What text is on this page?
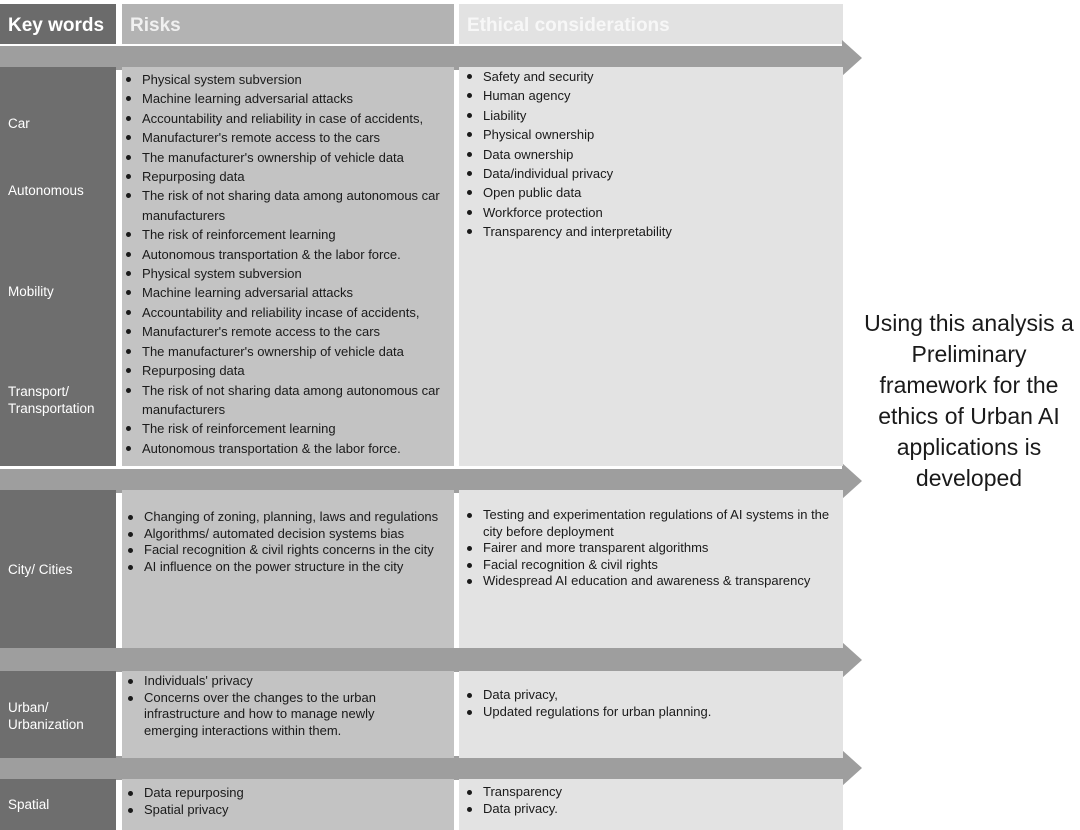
Key words	Risks	Ethical considerations
Car
Autonomous
Mobility
Transport/
Transportation
Physical system subversion
Machine learning adversarial attacks
Accountability and reliability in case of accidents,
Manufacturer's remote access to the cars
The manufacturer's ownership of vehicle data
Repurposing data
The risk of not sharing data among autonomous car manufacturers
The risk of reinforcement learning
Autonomous transportation & the labor force.
Physical system subversion
Machine learning adversarial attacks
Accountability and reliability incase of accidents,
Manufacturer's remote access to the cars
The manufacturer's ownership of vehicle data
Repurposing data
The risk of not sharing data among autonomous car manufacturers
The risk of reinforcement learning
Autonomous transportation & the labor force.
Safety and security
Human agency
Liability
Physical ownership
Data ownership
Data/individual privacy
Open public data
Workforce protection
Transparency and interpretability
City/ Cities
Changing of zoning, planning, laws and regulations
Algorithms/ automated decision systems bias
Facial recognition & civil rights concerns in the city
AI influence on the power structure in the city
Testing and experimentation regulations of AI systems in the city before deployment
Fairer and more transparent algorithms
Facial recognition & civil rights
Widespread AI education and awareness & transparency
Urban/
Urbanization
Individuals' privacy
Concerns over the changes to the urban infrastructure and how to manage newly emerging interactions within them.
Data privacy,
Updated regulations for urban planning.
Spatial
Data repurposing
Spatial privacy
Transparency
Data privacy.
Using this analysis a Preliminary framework for the ethics of Urban AI applications is developed
